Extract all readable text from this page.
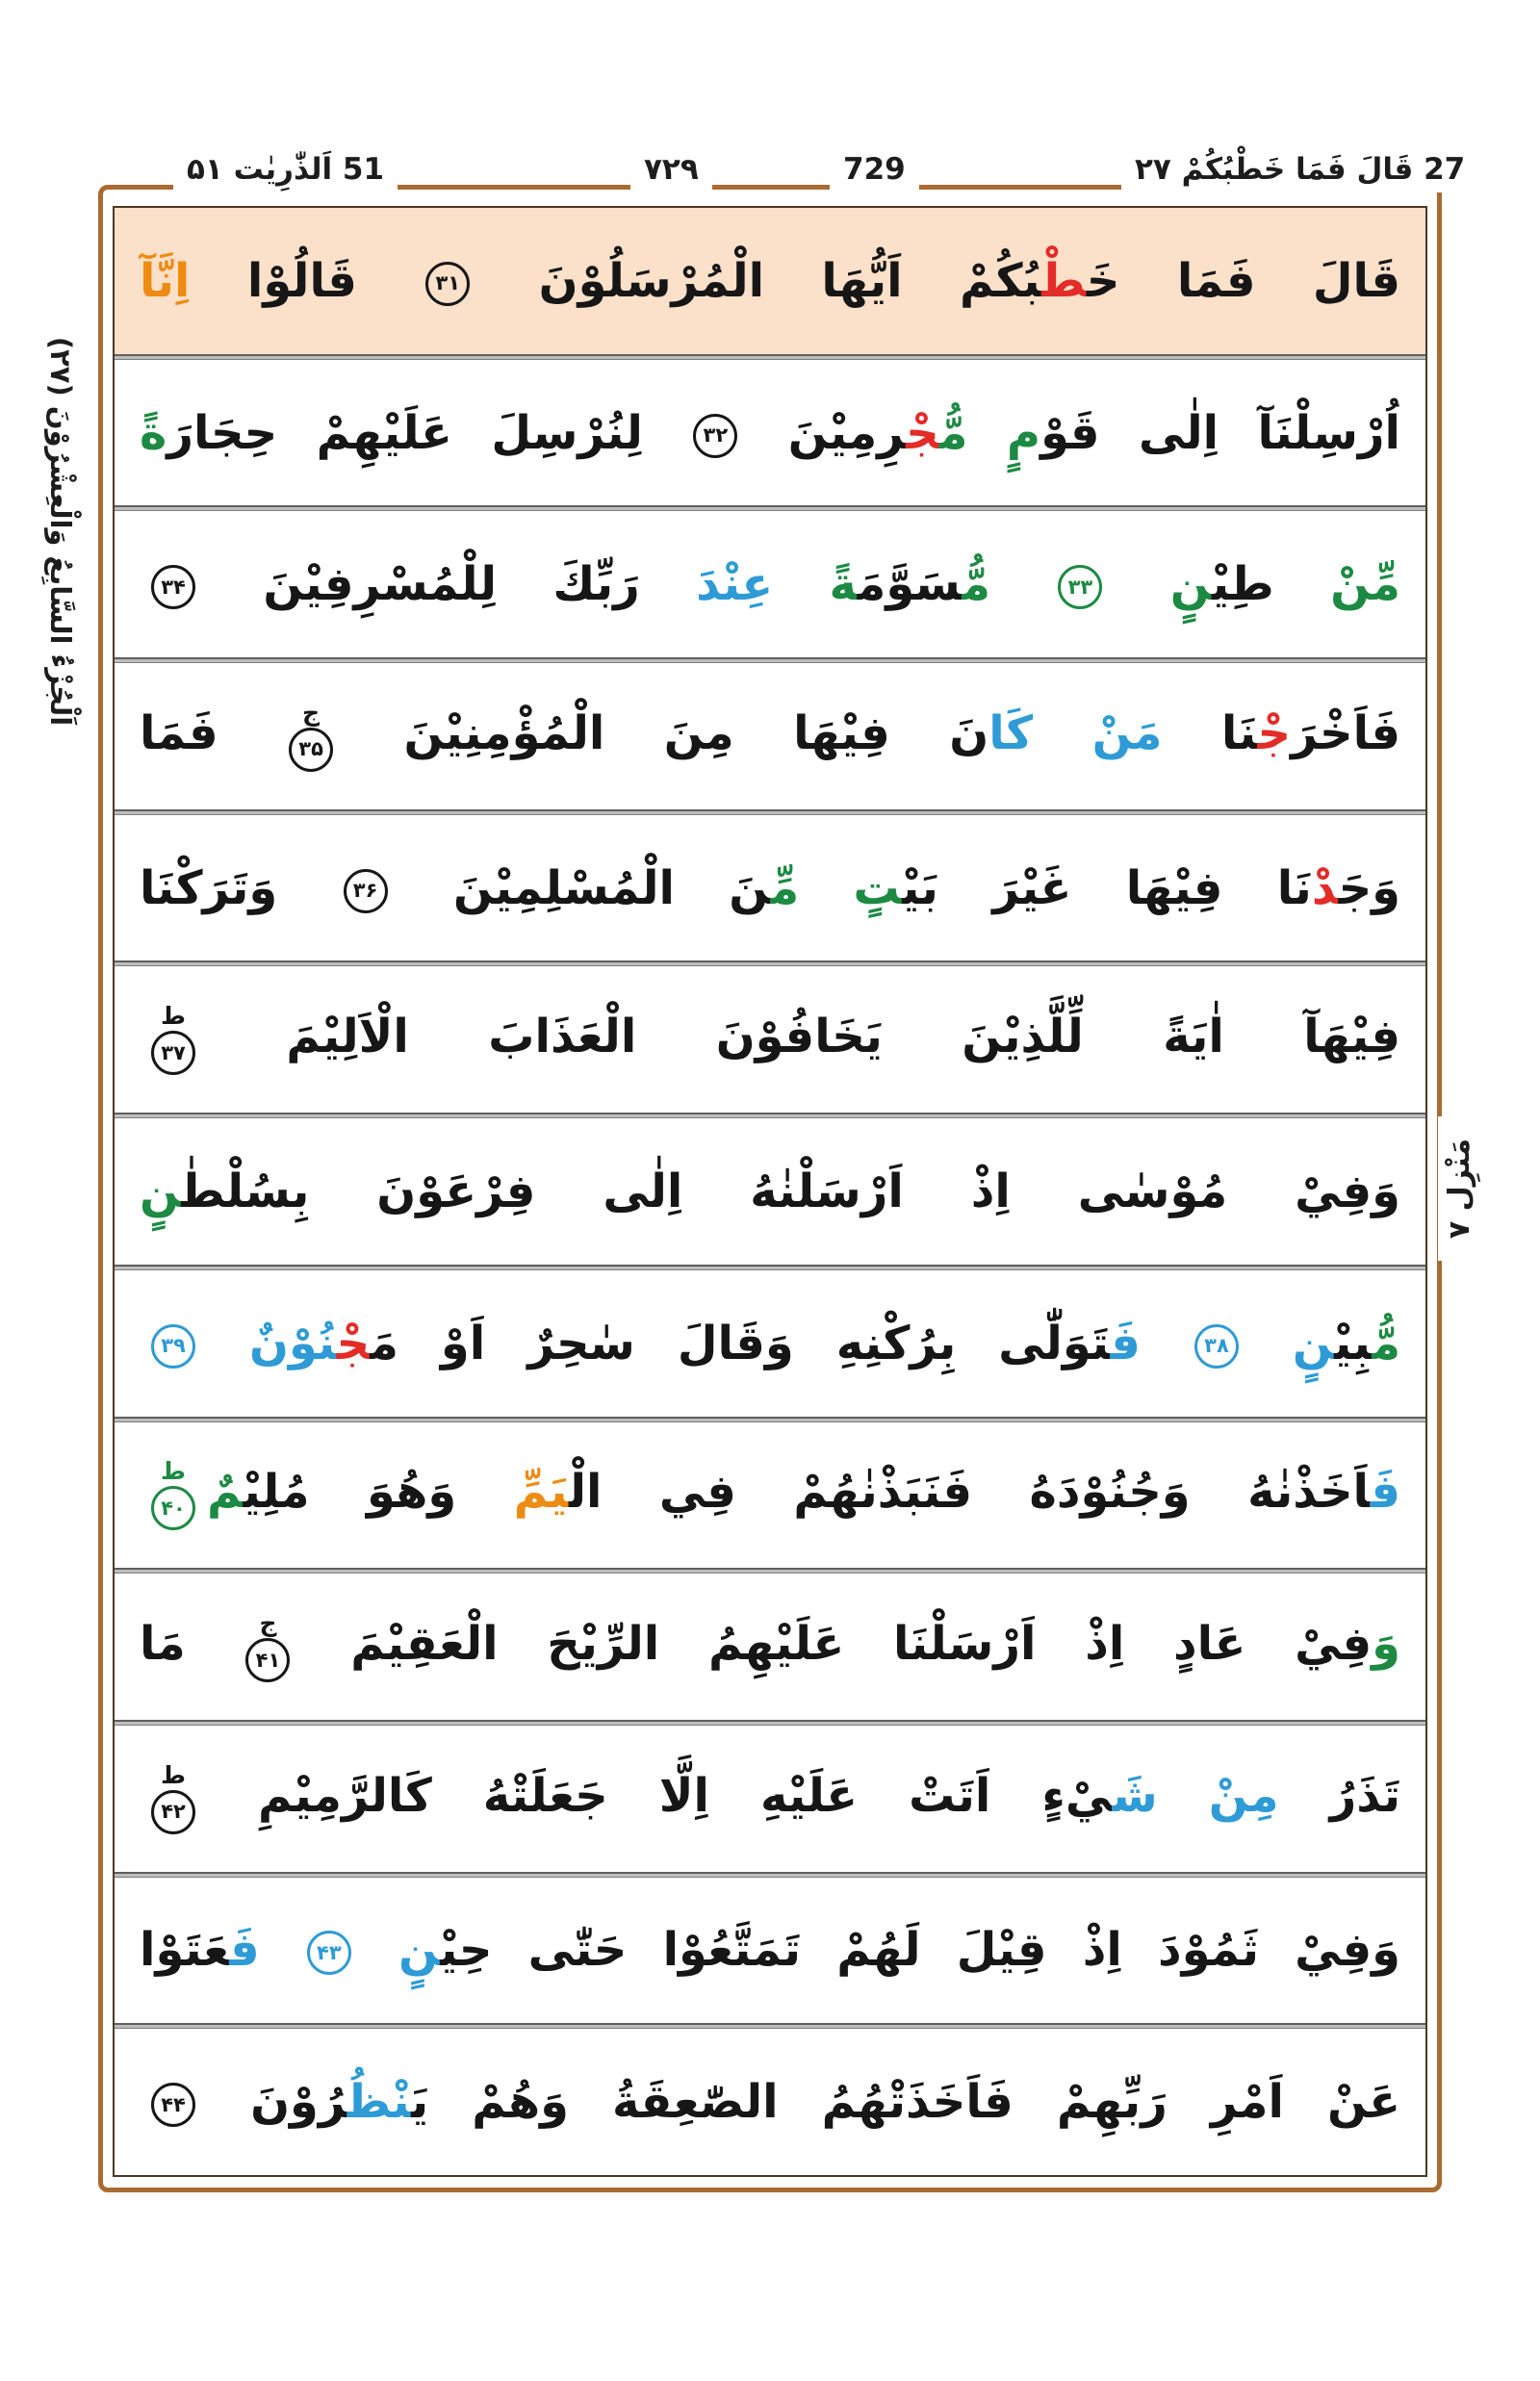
اَلْجُزْءُ السَّابِعُ وَالْعِشْرُوْنَ (۲۷)
51 اَلذّٰرِيٰت ۵۱	۷۲۹	729	27 قَالَ فَمَا خَطْبُكُمْ ۲۷
قَالَ فَمَا خَطْبُكُمْ اَيُّهَا الْمُرْسَلُوْنَ
۳۱
قَالُوْا اِنَّآ
اُرْسِلْنَآ اِلٰى قَوْمٍ مُّجْرِمِيْنَ
۳۲
لِنُرْسِلَ عَلَيْهِمْ حِجَارَةً
مِّنْ طِيْنٍ
۳۳
مُّسَوَّمَةً عِنْدَ رَبِّكَ لِلْمُسْرِفِيْنَ
۳۴
فَاَخْرَجْنَا مَنْ كَانَ فِيْهَا مِنَ الْمُؤْمِنِيْنَ
ج
۳۵
فَمَا
وَجَدْنَا فِيْهَا غَيْرَ بَيْتٍ مِّنَ الْمُسْلِمِيْنَ
۳۶
وَتَرَكْنَا
فِيْهَآ اٰيَةً لِّلَّذِيْنَ يَخَافُوْنَ الْعَذَابَ الْاَلِيْمَ
ط
۳۷
وَفِيْ مُوْسٰى اِذْ اَرْسَلْنٰهُ اِلٰى فِرْعَوْنَ بِسُلْطٰنٍ
مُّبِيْنٍ
۳۸
فَتَوَلّٰى بِرُكْنِهِ وَقَالَ سٰحِرٌ اَوْ مَجْنُوْنٌ
۳۹
فَاَخَذْنٰهُ وَجُنُوْدَهُ فَنَبَذْنٰهُمْ فِي الْيَمِّ وَهُوَ مُلِيْمٌ
ط
۴۰
وَفِيْ عَادٍ اِذْ اَرْسَلْنَا عَلَيْهِمُ الرِّيْحَ الْعَقِيْمَ
ج
۴۱
مَا
تَذَرُ مِنْ شَيْءٍ اَتَتْ عَلَيْهِ اِلَّا جَعَلَتْهُ كَالرَّمِيْمِ
ط
۴۲
وَفِيْ ثَمُوْدَ اِذْ قِيْلَ لَهُمْ تَمَتَّعُوْا حَتّٰى حِيْنٍ
۴۳
فَعَتَوْا
عَنْ اَمْرِ رَبِّهِمْ فَاَخَذَتْهُمُ الصّٰعِقَةُ وَهُمْ يَنْظُرُوْنَ
۴۴
مَنْزِل ۷
